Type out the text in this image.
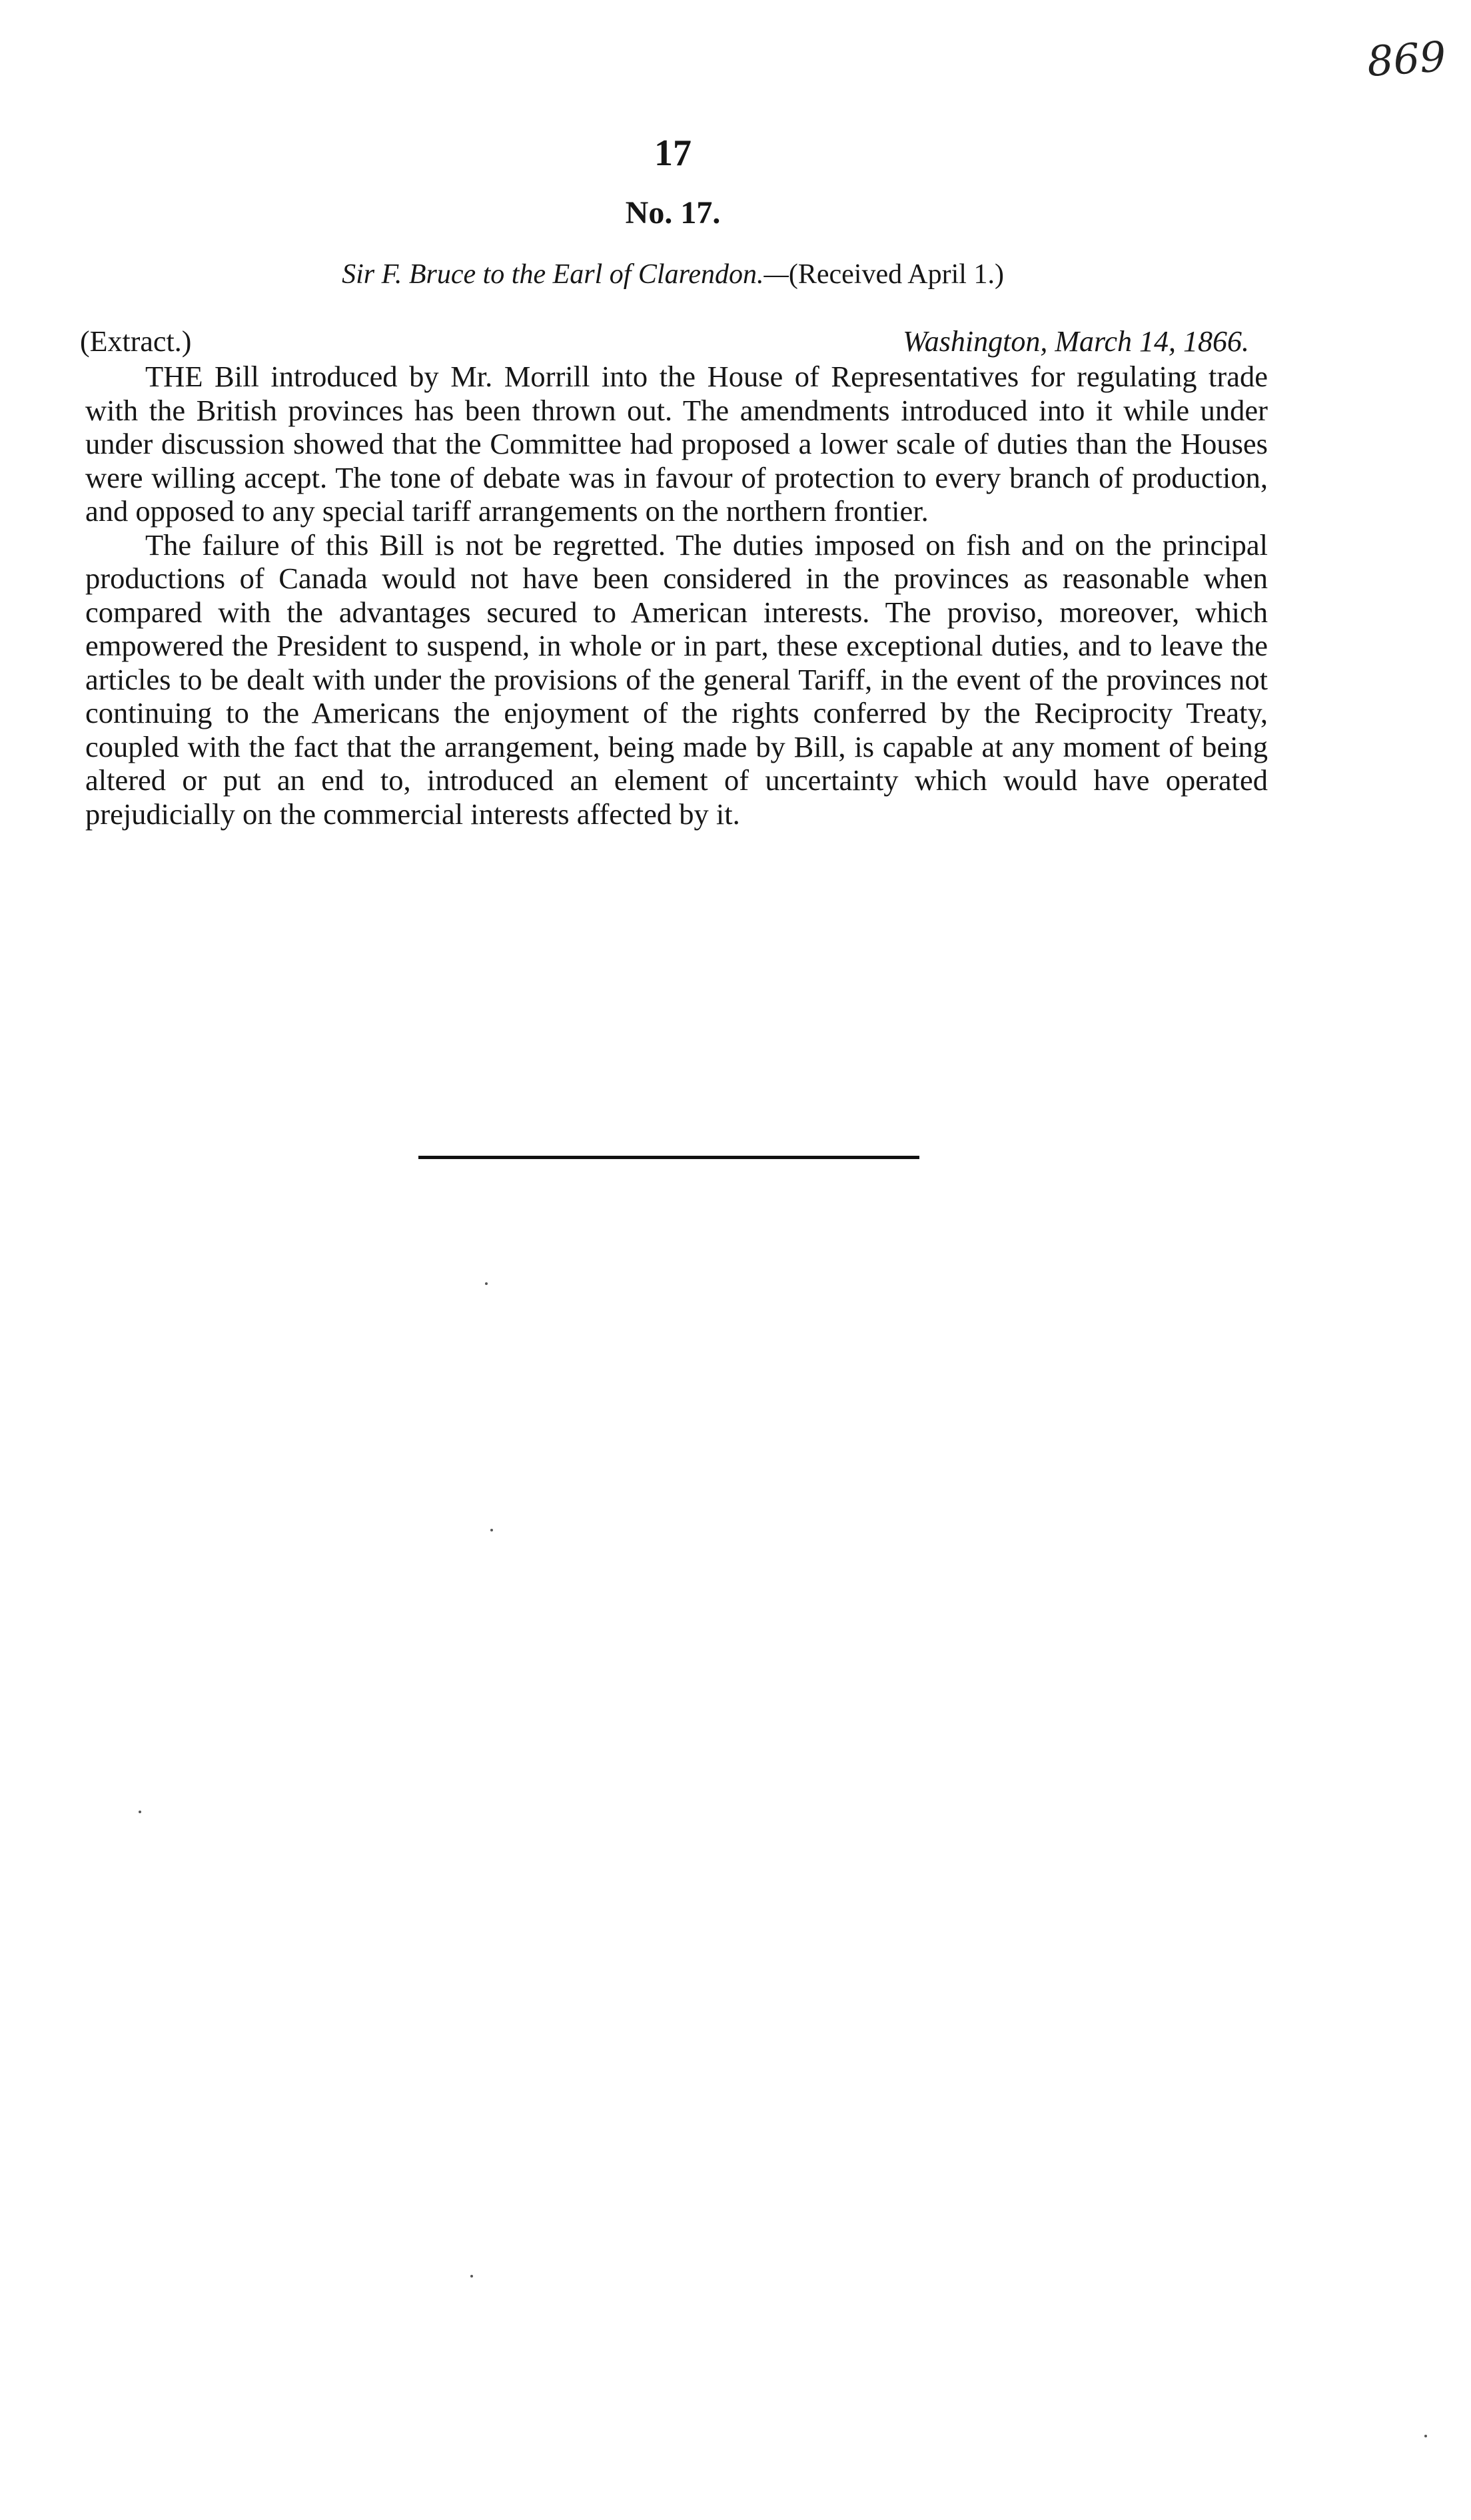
869
17
No. 17.
Sir F. Bruce to the Earl of Clarendon.—(Received April 1.)
(Extract.)	Washington, March 14, 1866.

THE Bill introduced by Mr. Morrill into the House of Representatives for regulating trade with the British provinces has been thrown out. The amendments introduced into it while under under discussion showed that the Committee had proposed a lower scale of duties than the Houses were willing accept. The tone of debate was in favour of protection to every branch of production, and opposed to any special tariff arrangements on the northern frontier.

The failure of this Bill is not be regretted. The duties imposed on fish and on the principal productions of Canada would not have been considered in the provinces as reasonable when compared with the advantages secured to American interests. The proviso, moreover, which empowered the President to suspend, in whole or in part, these exceptional duties, and to leave the articles to be dealt with under the provisions of the general Tariff, in the event of the provinces not continuing to the Americans the enjoyment of the rights conferred by the Reciprocity Treaty, coupled with the fact that the arrangement, being made by Bill, is capable at any moment of being altered or put an end to, introduced an element of uncertainty which would have operated prejudicially on the commercial interests affected by it.
